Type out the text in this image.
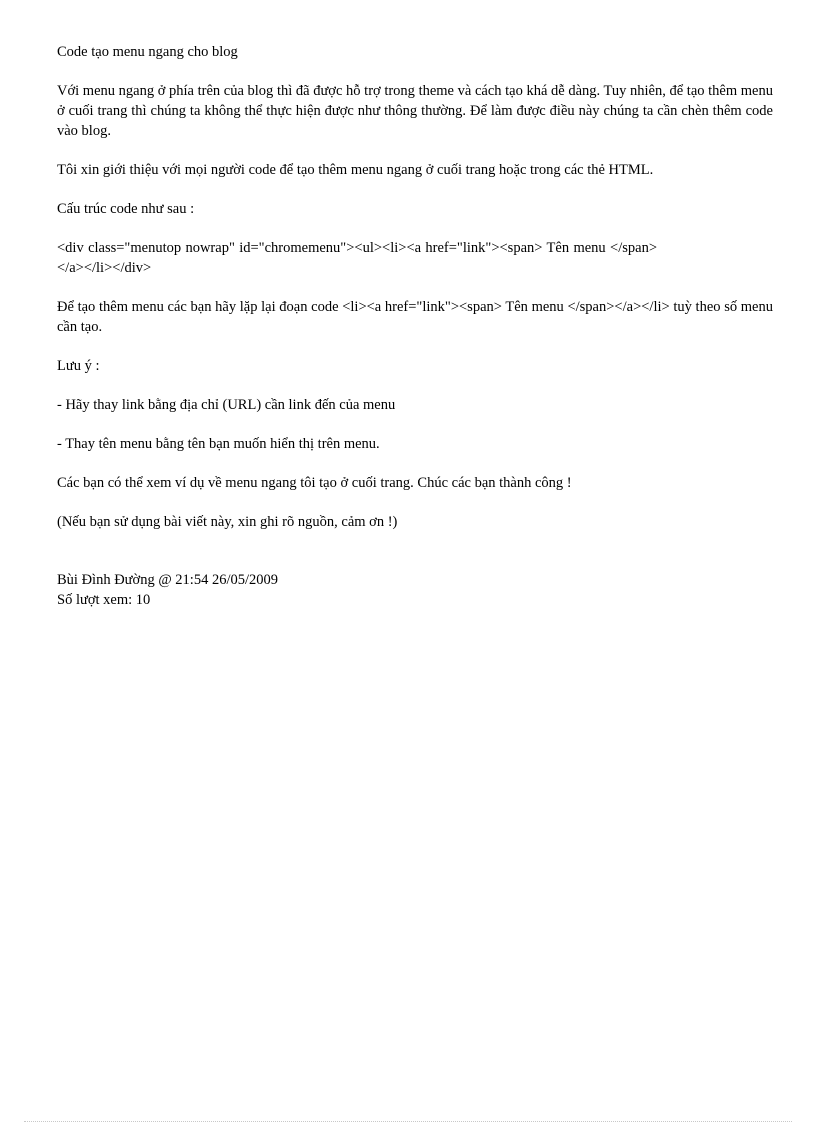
Code tạo menu ngang cho blog

Với menu ngang ở phía trên của blog thì đã được hỗ trợ trong theme và cách tạo khá dễ dàng. Tuy nhiên, để tạo thêm menu ở cuối trang thì chúng ta không thể thực hiện được như thông thường. Để làm được điều này chúng ta cần chèn thêm code vào blog.

Tôi xin giới thiệu với mọi người code để tạo thêm menu ngang ở cuối trang hoặc trong các thẻ HTML.

Cấu trúc code như sau :

<div class="menutop nowrap" id="chromemenu"><ul><li><a href="link"><span> Tên menu </span></a></li></div>

Để tạo thêm menu các bạn hãy lặp lại đoạn code <li><a href="link"><span> Tên menu </span></a></li> tuỳ theo số menu cần tạo.

Lưu ý :

- Hãy thay link bằng địa chỉ (URL) cần link đến của menu

- Thay tên menu bằng tên bạn muốn hiển thị trên menu.

Các bạn có thể xem ví dụ về menu ngang tôi tạo ở cuối trang. Chúc các bạn thành công !

(Nếu bạn sử dụng bài viết này, xin ghi rõ nguồn, cảm ơn !)

Bùi Đình Đường @ 21:54 26/05/2009

Số lượt xem: 10
